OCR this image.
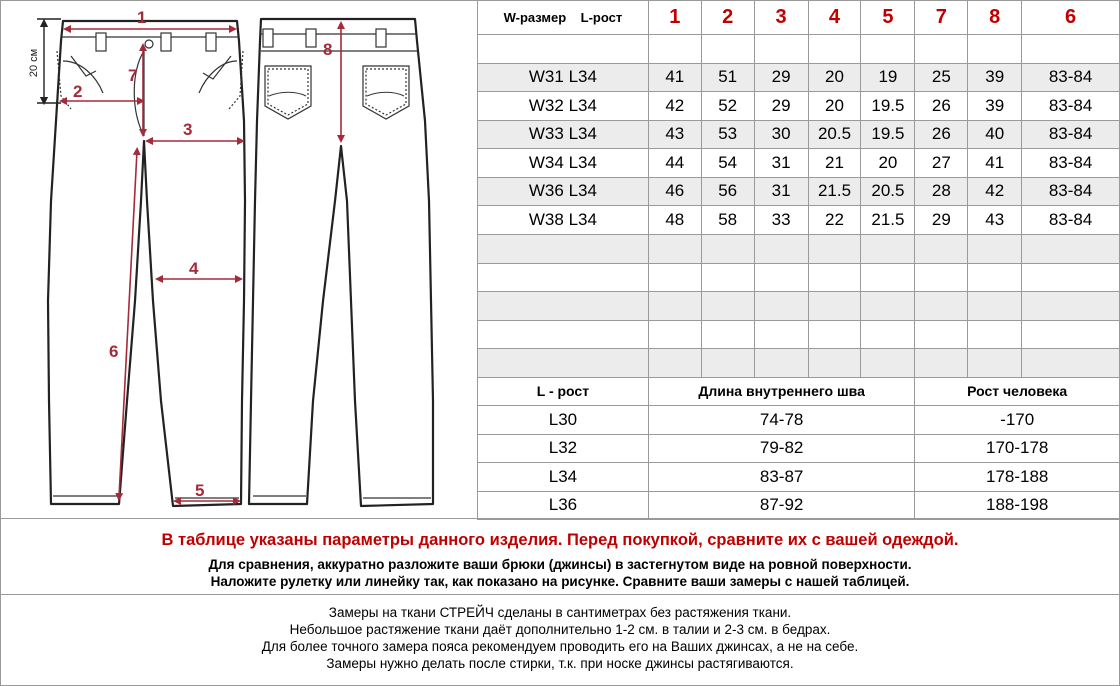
20 см
1
2
3
4
5
6
7
8
W-размер    L-рост	1	2	3	4	5	7	8	6

W31 L34	41	51	29	20	19	25	39	83-84
W32 L34	42	52	29	20	19.5	26	39	83-84
W33 L34	43	53	30	20.5	19.5	26	40	83-84
W34 L34	44	54	31	21	20	27	41	83-84
W36 L34	46	56	31	21.5	20.5	28	42	83-84
W38 L34	48	58	33	22	21.5	29	43	83-84

L - рост	Длина внутреннего шва					Рост человека		
L30	74-78					-170		
L32	79-82					170-178		
L34	83-87					178-188		
L36	87-92					188-198		
В таблице указаны параметры данного изделия. Перед покупкой, сравните их с вашей одеждой.
Для сравнения, аккуратно разложите ваши брюки (джинсы) в застегнутом виде на ровной поверхности.
Наложите рулетку или линейку так, как показано на рисунке. Сравните ваши замеры с нашей таблицей.
Замеры на ткани СТРЕЙЧ сделаны в сантиметрах без растяжения ткани.
Небольшое растяжение ткани даёт дополнительно 1-2 см. в талии и 2-3 см. в бедрах.
Для более точного замера пояса рекомендуем проводить его на Ваших джинсах, а не на себе.
Замеры нужно делать после стирки, т.к. при носке джинсы растягиваются.
